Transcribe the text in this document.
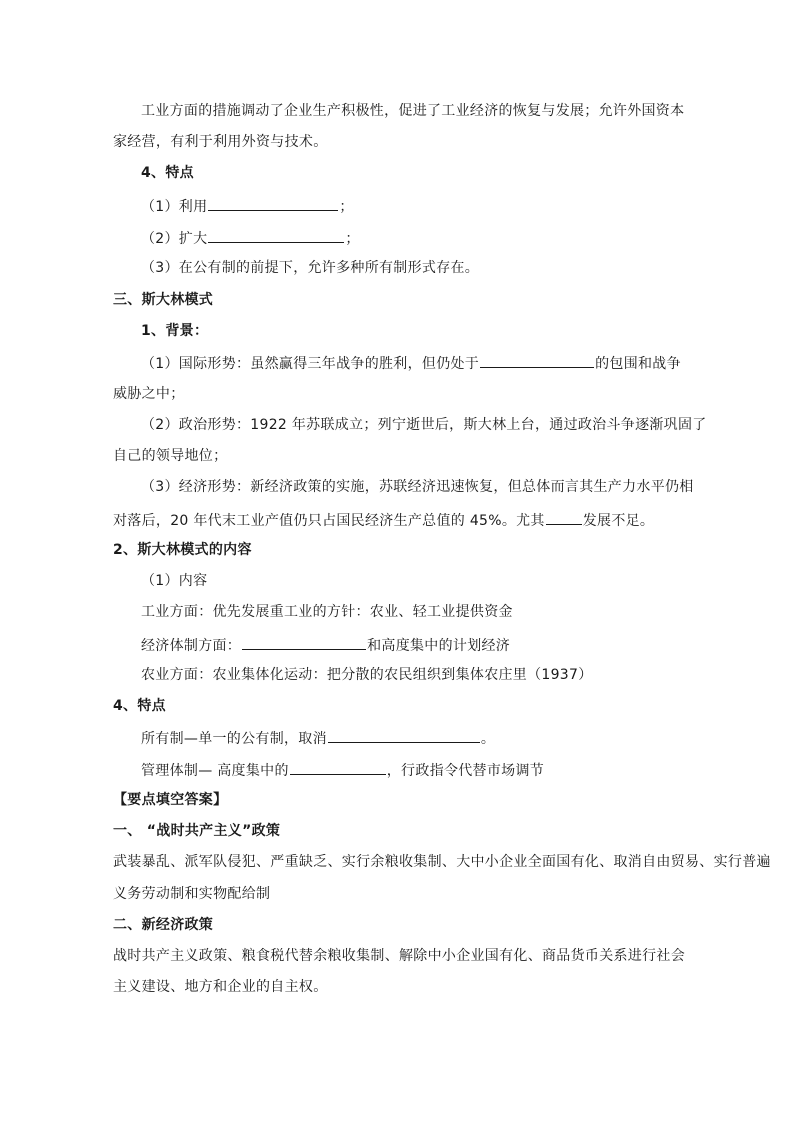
工业方面的措施调动了企业生产积极性，促进了工业经济的恢复与发展；允许外国资本
家经营，有利于利用外资与技术。
4、特点
（1）利用	；
（2）扩大	；
（3）在公有制的前提下，允许多种所有制形式存在。
三、斯大林模式
1、背景：
（1）国际形势：虽然赢得三年战争的胜利，但仍处于	的包围和战争
威胁之中；
（2）政治形势：1922 年苏联成立；列宁逝世后，斯大林上台，通过政治斗争逐渐巩固了
自己的领导地位；
（3）经济形势：新经济政策的实施，苏联经济迅速恢复，但总体而言其生产力水平仍相
对落后，20 年代末工业产值仍只占国民经济生产总值的 45%。尤其	发展不足。
2、斯大林模式的内容
（1）内容
工业方面：优先发展重工业的方针：农业、轻工业提供资金
经济体制方面：	和高度集中的计划经济
农业方面：农业集体化运动：把分散的农民组织到集体农庄里（1937）
4、特点
所有制—单一的公有制，取消	。
管理体制— 高度集中的	，行政指令代替市场调节
【要点填空答案】
一、 “战时共产主义”政策
武装暴乱、派军队侵犯、严重缺乏、实行余粮收集制、大中小企业全面国有化、取消自由贸易、实行普遍
义务劳动制和实物配给制
二、新经济政策
战时共产主义政策、粮食税代替余粮收集制、解除中小企业国有化、商品货币关系进行社会
主义建设、地方和企业的自主权。
